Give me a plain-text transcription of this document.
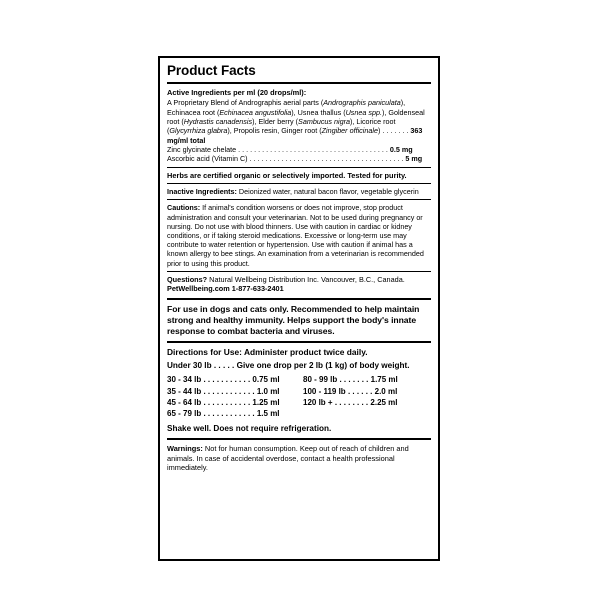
Product Facts
Active Ingredients per ml (20 drops/ml):
A Proprietary Blend of Andrographis aerial parts (Andrographis paniculata), Echinacea root (Echinacea angustifolia), Usnea thallus (Usnea spp.), Goldenseal root (Hydrastis canadensis), Elder berry (Sambucus nigra), Licorice root (Glycyrrhiza glabra), Propolis resin, Ginger root (Zingiber officinale) . . . . . . . 363 mg/ml total
Zinc glycinate chelate . . . . . . . . . . . . . . . . . . . . . . . . . . . . . . . . . . . . . . 0.5 mg
Ascorbic acid (Vitamin C) . . . . . . . . . . . . . . . . . . . . . . . . . . . . . . . . . . . . . . . 5 mg
Herbs are certified organic or selectively imported. Tested for purity.
Inactive Ingredients: Deionized water, natural bacon flavor, vegetable glycerin
Cautions: If animal's condition worsens or does not improve, stop product administration and consult your veterinarian. Not to be used during pregnancy or nursing. Do not use with blood thinners. Use with caution in cardiac or kidney conditions, or if taking steroid medications. Excessive or long-term use may contribute to water retention or hypertension. Use with caution if animal has a known allergy to bee stings. An examination from a veterinarian is recommended prior to using this product.
Questions? Natural Wellbeing Distribution Inc. Vancouver, B.C., Canada.
PetWellbeing.com 1-877-633-2401
For use in dogs and cats only. Recommended to help maintain strong and healthy immunity. Helps support the body's innate response to combat bacteria and viruses.
Directions for Use: Administer product twice daily.
Under 30 lb . . . . . Give one drop per 2 lb (1 kg) of body weight.
30 - 34 lb . . . . . . . . . . . 0.75 ml
35 - 44 lb . . . . . . . . . . . . 1.0 ml
45 - 64 lb . . . . . . . . . . . 1.25 ml
65 - 79 lb . . . . . . . . . . . . 1.5 ml
80 - 99 lb . . . . . . . 1.75 ml
100 - 119 lb . . . . . . 2.0 ml
120 lb + . . . . . . . . 2.25 ml
Shake well. Does not require refrigeration.
Warnings: Not for human consumption. Keep out of reach of children and animals. In case of accidental overdose, contact a health professional immediately.
